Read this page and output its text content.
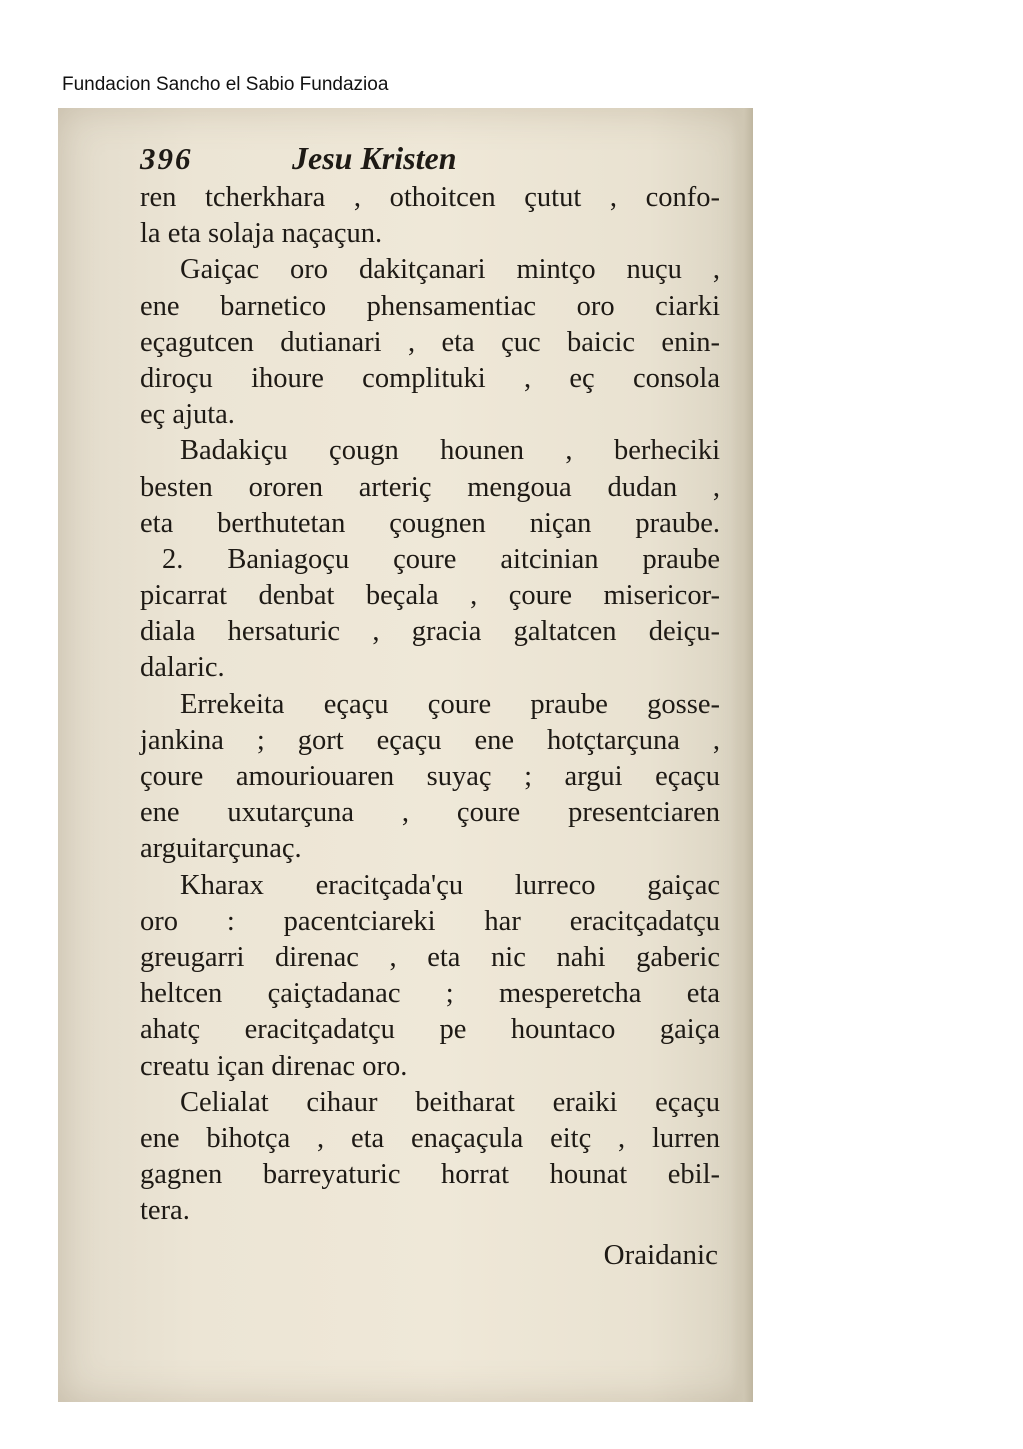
Fundacion Sancho el Sabio Fundazioa
396	Jesu Kristen
ren tcherkhara , othoitcen çutut , confo-
la eta solaja naçaçun.
Gaiçac oro dakitçanari mintço nuçu ,
ene barnetico phensamentiac oro ciarki
eçagutcen dutianari , eta çuc baicic enin-
diroçu ihoure complituki , eç consola
eç ajuta.
Badakiçu çougn hounen , berheciki
besten ororen arteriç mengoua dudan ,
eta berthutetan çougnen niçan praube.
2. Baniagoçu çoure aitcinian praube
picarrat denbat beçala , çoure misericor-
diala hersaturic , gracia galtatcen deiçu-
dalaric.
Errekeita eçaçu çoure praube gosse-
jankina ; gort eçaçu ene hotçtarçuna ,
çoure amouriouaren suyaç ; argui eçaçu
ene uxutarçuna , çoure presentciaren
arguitarçunaç.
Kharax eracitçada'çu lurreco gaiçac
oro : pacentciareki har eracitçadatçu
greugarri direnac , eta nic nahi gaberic
heltcen çaiçtadanac ; mesperetcha eta
ahatç eracitçadatçu pe hountaco gaiça
creatu içan direnac oro.
Celialat cihaur beitharat eraiki eçaçu
ene bihotça , eta enaçaçula eitç , lurren
gagnen barreyaturic horrat hounat ebil-
tera.
Oraidanic
